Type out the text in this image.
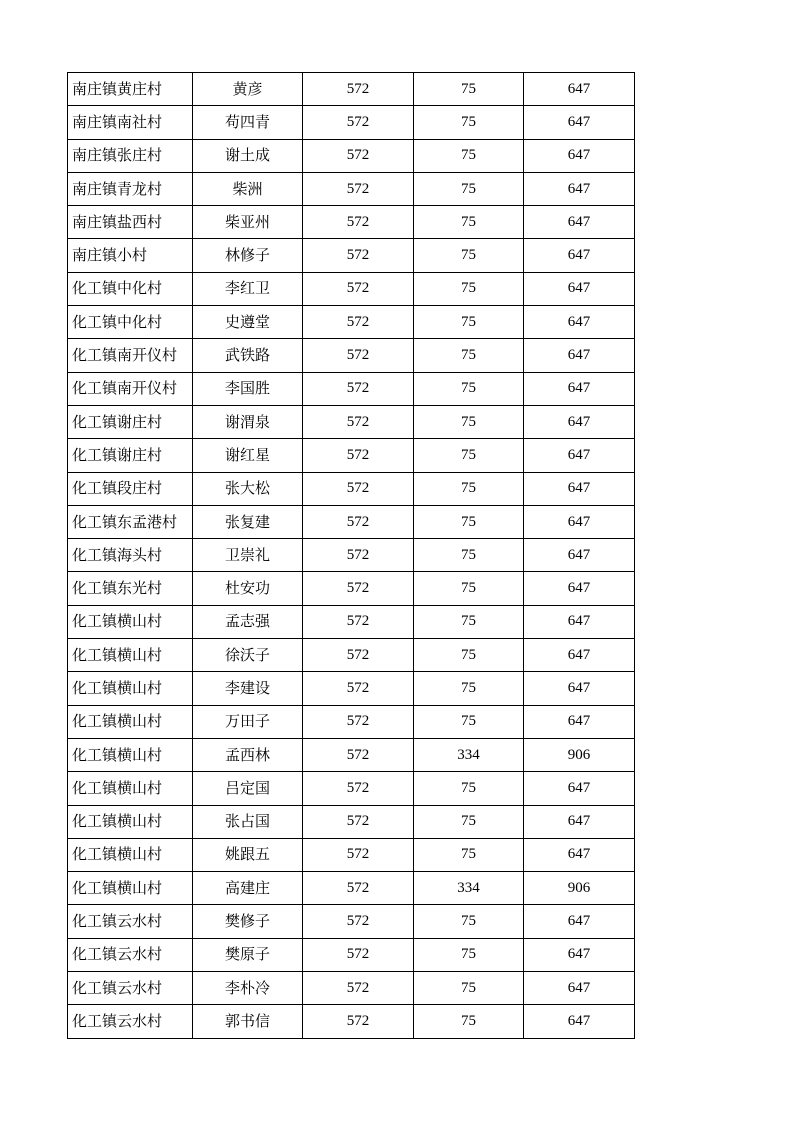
南庄镇黄庄村	黄彦	572	75	647
南庄镇南社村	苟四青	572	75	647
南庄镇张庄村	谢土成	572	75	647
南庄镇青龙村	柴洲	572	75	647
南庄镇盐西村	柴亚州	572	75	647
南庄镇小村	林修子	572	75	647
化工镇中化村	李红卫	572	75	647
化工镇中化村	史遵堂	572	75	647
化工镇南开仪村	武铁路	572	75	647
化工镇南开仪村	李国胜	572	75	647
化工镇谢庄村	谢渭泉	572	75	647
化工镇谢庄村	谢红星	572	75	647
化工镇段庄村	张大松	572	75	647
化工镇东孟港村	张复建	572	75	647
化工镇海头村	卫崇礼	572	75	647
化工镇东光村	杜安功	572	75	647
化工镇横山村	孟志强	572	75	647
化工镇横山村	徐沃子	572	75	647
化工镇横山村	李建设	572	75	647
化工镇横山村	万田子	572	75	647
化工镇横山村	孟西林	572	334	906
化工镇横山村	吕定国	572	75	647
化工镇横山村	张占国	572	75	647
化工镇横山村	姚跟五	572	75	647
化工镇横山村	高建庄	572	334	906
化工镇云水村	樊修子	572	75	647
化工镇云水村	樊原子	572	75	647
化工镇云水村	李朴冷	572	75	647
化工镇云水村	郭书信	572	75	647
